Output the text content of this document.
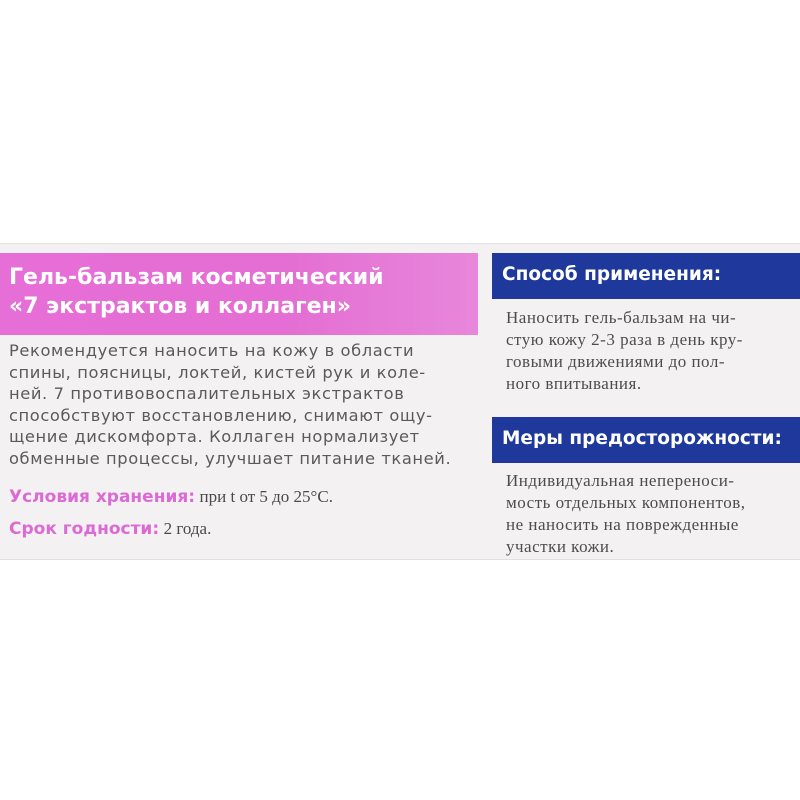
Гель-бальзам косметический
«7 экстрактов и коллаген»

Рекомендуется наносить на кожу в области
спины, поясницы, локтей, кистей рук и коле-
ней. 7 противовоспалительных экстрактов
способствуют восстановлению, снимают ощу-
щение дискомфорта. Коллаген нормализует
обменные процессы, улучшает питание тканей.

Условия хранения: при t от 5 до 25°С.

Срок годности: 2 года.

Способ применения:

Наносить гель-бальзам на чи-
стую кожу 2-3 раза в день кру-
говыми движениями до пол-
ного впитывания.

Меры предосторожности:

Индивидуальная непереноси-
мость отдельных компонентов,
не наносить на поврежденные
участки кожи.
